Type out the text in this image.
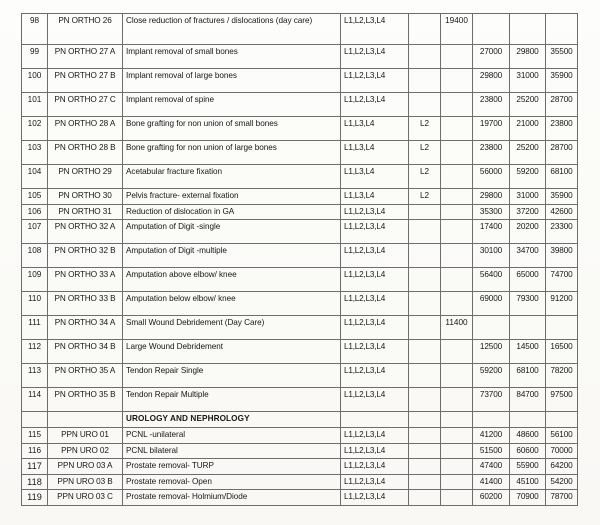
98	PN ORTHO 26	Close reduction of fractures / dislocations (day care)	L1,L2,L3,L4		19400			
99	PN ORTHO 27 A	Implant removal of small bones	L1,L2,L3,L4			27000	29800	35500
100	PN ORTHO 27 B	Implant removal of large bones	L1,L2,L3,L4			29800	31000	35900
101	PN ORTHO 27 C	Implant removal of spine	L1,L2,L3,L4			23800	25200	28700
102	PN ORTHO 28 A	Bone grafting for non union of small bones	L1,L3,L4	L2		19700	21000	23800
103	PN ORTHO 28 B	Bone grafting for non union of large bones	L1,L3,L4	L2		23800	25200	28700
104	PN ORTHO 29	Acetabular fracture fixation	L1,L3,L4	L2		56000	59200	68100
105	PN ORTHO 30	Pelvis fracture- external fixation	L1,L3,L4	L2		29800	31000	35900
106	PN ORTHO 31	Reduction of dislocation in GA	L1,L2,L3,L4			35300	37200	42600
107	PN ORTHO 32 A	Amputation of Digit -single	L1,L2,L3,L4			17400	20200	23300
108	PN ORTHO 32 B	Amputation of Digit -multiple	L1,L2,L3,L4			30100	34700	39800
109	PN ORTHO 33 A	Amputation above elbow/ knee	L1,L2,L3,L4			56400	65000	74700
110	PN ORTHO 33 B	Amputation below elbow/ knee	L1,L2,L3,L4			69000	79300	91200
111	PN ORTHO 34 A	Small Wound Debridement (Day Care)	L1,L2,L3,L4		11400			
112	PN ORTHO 34 B	Large Wound Debridement	L1,L2,L3,L4			12500	14500	16500
113	PN ORTHO 35 A	Tendon Repair Single	L1,L2,L3,L4			59200	68100	78200
114	PN ORTHO 35 B	Tendon Repair Multiple	L1,L2,L3,L4			73700	84700	97500
		UROLOGY AND NEPHROLOGY						
115	PPN URO 01	PCNL -unilateral	L1,L2,L3,L4			41200	48600	56100
116	PPN URO 02	PCNL bilateral	L1,L2,L3,L4			51500	60600	70000
117	PPN URO 03 A	Prostate removal- TURP	L1,L2,L3,L4			47400	55900	64200
118	PPN URO 03 B	Prostate removal- Open	L1,L2,L3,L4			41400	45100	54200
119	PPN URO 03 C	Prostate removal- Holmium/Diode	L1,L2,L3,L4			60200	70900	78700
